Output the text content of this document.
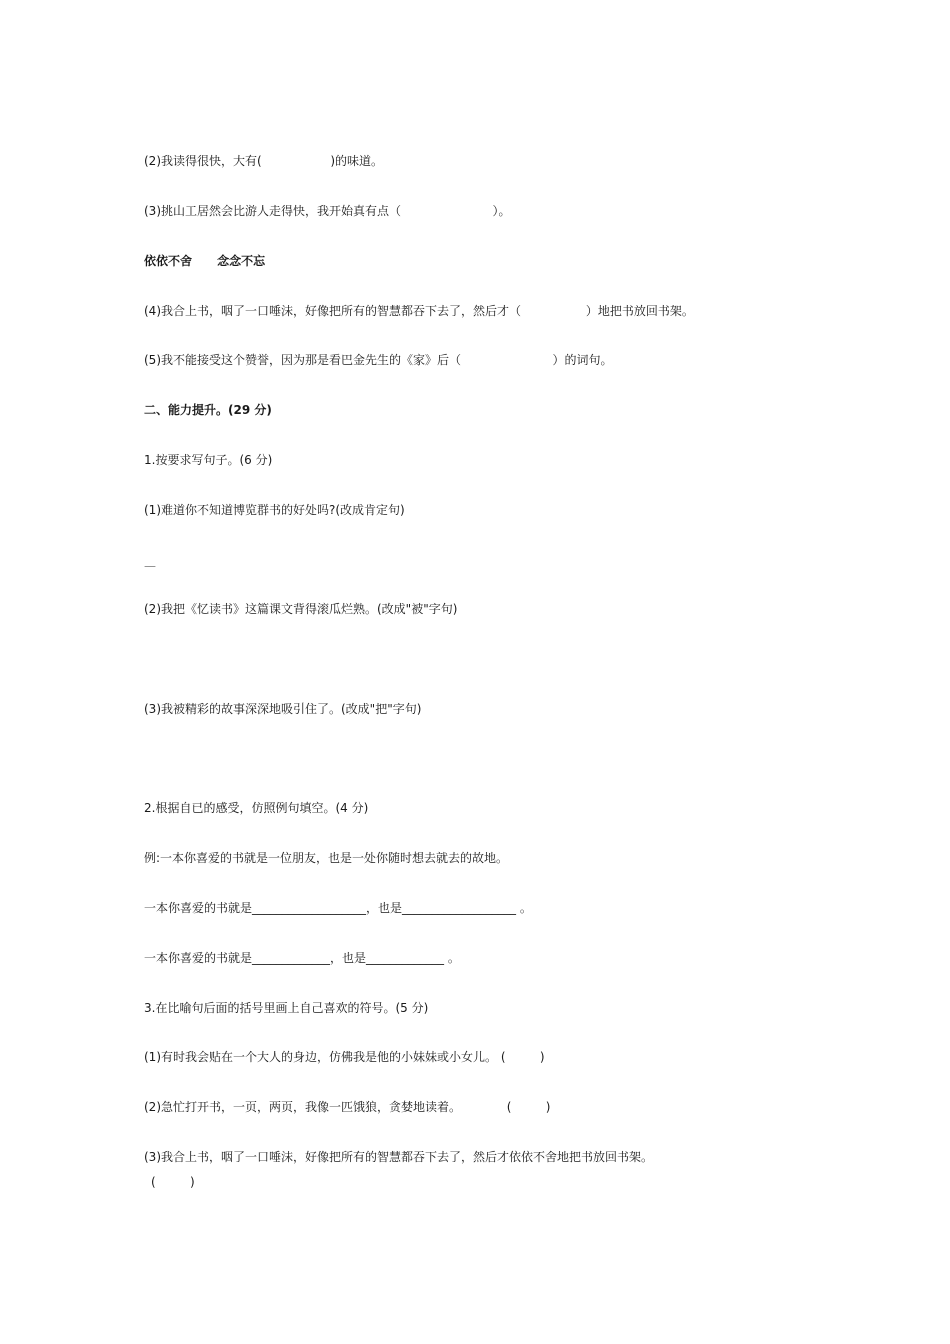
(2)我读得很快，大有(                  )的味道。
(3)挑山工居然会比游人走得快，我开始真有点（                        ）。
依依不舍      念念不忘
(4)我合上书，咽了一口唾沫，好像把所有的智慧都吞下去了，然后才（                 ）地把书放回书架。
(5)我不能接受这个赞誉，因为那是看巴金先生的《家》后（                        ）的词句。
二、能力提升。(29 分)
1.按要求写句子。(6 分)
(1)难道你不知道博览群书的好处吗?(改成肯定句)
—
(2)我把《忆读书》这篇课文背得滚瓜烂熟。(改成"被"字句)
(3)我被精彩的故事深深地吸引住了。(改成"把"字句)
2.根据自已的感受，仿照例句填空。(4 分)
例:一本你喜爱的书就是一位朋友，也是一处你随时想去就去的故地。
一本你喜爱的书就是___________________，也是___________________ 。
一本你喜爱的书就是_____________，也是_____________ 。
3.在比喻句后面的括号里画上自己喜欢的符号。(5 分)
(1)有时我会贴在一个大人的身边，仿佛我是他的小妹妹或小女儿。 (         )
(2)急忙打开书，一页，两页，我像一匹饿狼，贪婪地读着。            (         )
(3)我合上书，咽了一口唾沫，好像把所有的智慧都吞下去了，然后才依依不舍地把书放回书架。
(         )
